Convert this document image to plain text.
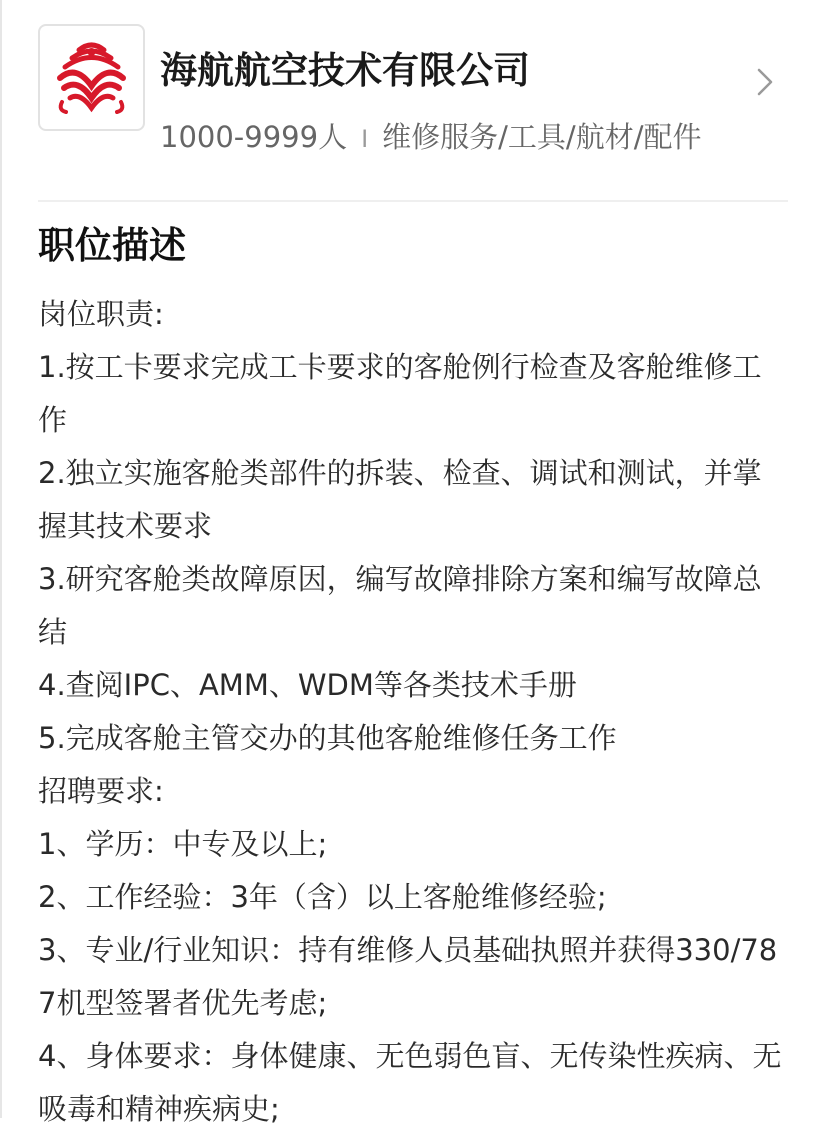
海航航空技术有限公司
1000-9999人 I 维修服务/工具/航材/配件
职位描述
岗位职责:
1.按工卡要求完成工卡要求的客舱例行检查及客舱维修工作
2.独立实施客舱类部件的拆装、检查、调试和测试，并掌握其技术要求
3.研究客舱类故障原因，编写故障排除方案和编写故障总结
4.查阅IPC、AMM、WDM等各类技术手册
5.完成客舱主管交办的其他客舱维修任务工作
招聘要求:
1、学历：中专及以上;
2、工作经验：3年（含）以上客舱维修经验;
3、专业/行业知识：持有维修人员基础执照并获得330/787机型签署者优先考虑;
4、身体要求：身体健康、无色弱色盲、无传染性疾病、无吸毒和精神疾病史;
